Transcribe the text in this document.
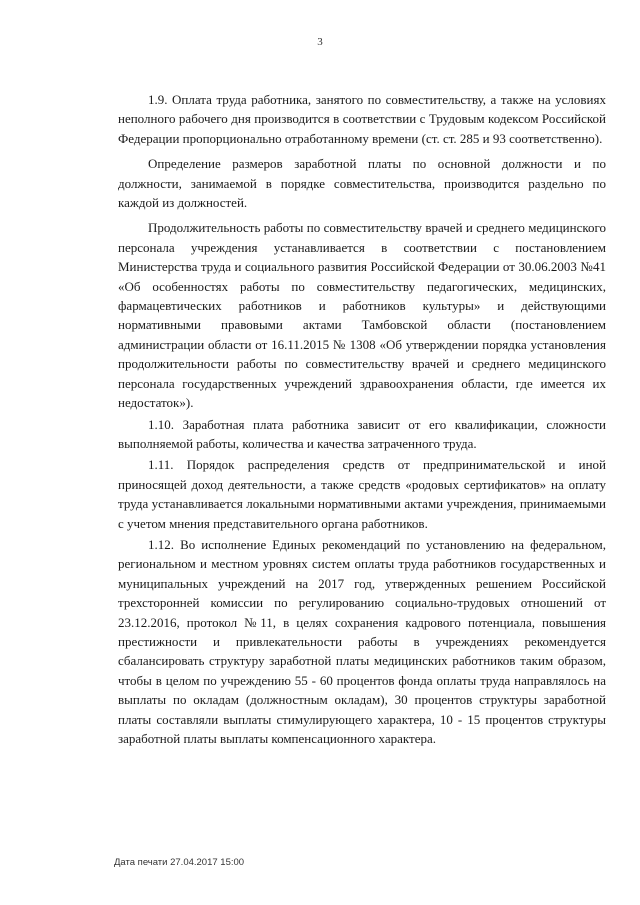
3

1.9. Оплата труда работника, занятого по совместительству, а также на условиях неполного рабочего дня производится в соответствии с Трудовым кодексом Российской Федерации пропорционально отработанному времени (ст. ст. 285 и 93 соответственно).

Определение размеров заработной платы по основной должности и по должности, занимаемой в порядке совместительства, производится раздельно по каждой из должностей.

Продолжительность работы по совместительству врачей и среднего медицинского персонала учреждения устанавливается в соответствии с постановлением Министерства труда и социального развития Российской Федерации от 30.06.2003 №41 «Об особенностях работы по совместительству педагогических, медицинских, фармацевтических работников и работников культуры» и действующими нормативными правовыми актами Тамбовской области (постановлением администрации области от 16.11.2015 № 1308 «Об утверждении порядка установления продолжительности работы по совместительству врачей и среднего медицинского персонала государственных учреждений здравоохранения области, где имеется их недостаток»).

1.10. Заработная плата работника зависит от его квалификации, сложности выполняемой работы, количества и качества затраченного труда.

1.11. Порядок распределения средств от предпринимательской и иной приносящей доход деятельности, а также средств «родовых сертификатов» на оплату труда устанавливается локальными нормативными актами учреждения, принимаемыми с учетом мнения представительного органа работников.

1.12. Во исполнение Единых рекомендаций по установлению на федеральном, региональном и местном уровнях систем оплаты труда работников государственных и муниципальных учреждений на 2017 год, утвержденных решением Российской трехсторонней комиссии по регулированию социально-трудовых отношений от 23.12.2016, протокол №11, в целях сохранения кадрового потенциала, повышения престижности и привлекательности работы в учреждениях рекомендуется сбалансировать структуру заработной платы медицинских работников таким образом, чтобы в целом по учреждению 55 - 60 процентов фонда оплаты труда направлялось на выплаты по окладам (должностным окладам), 30 процентов структуры заработной платы составляли выплаты стимулирующего характера, 10 - 15 процентов структуры заработной платы выплаты компенсационного характера.

Дата печати 27.04.2017 15:00
